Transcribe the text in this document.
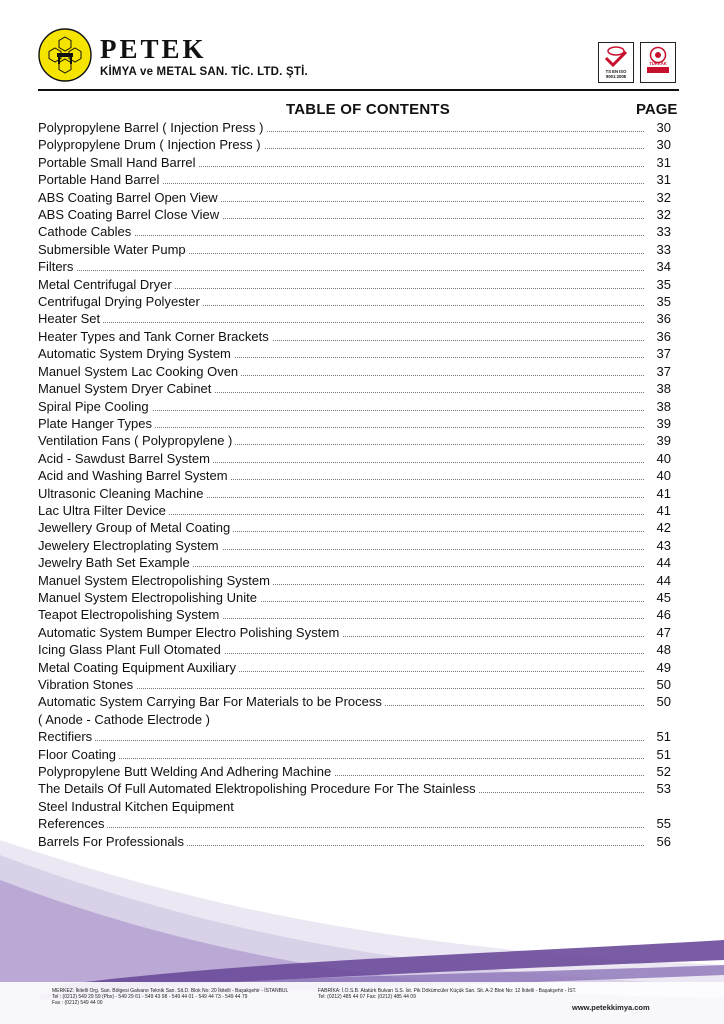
PETEK
KİMYA ve METAL SAN. TİC. LTD. ŞTİ.	TS EN ISO
9001:2008
TÜRKAK
TABLE OF CONTENTS	PAGE
Polypropylene Barrel ( Injection Press )	30
Polypropylene Drum ( Injection Press )	30
Portable Small Hand Barrel	31
Portable Hand Barrel	31
ABS Coating Barrel Open View	32
ABS Coating Barrel Close View	32
Cathode Cables	33
Submersible Water Pump	33
Filters	34
Metal Centrifugal Dryer	35
Centrifugal Drying Polyester	35
Heater Set	36
Heater Types and Tank Corner Brackets	36
Automatic System Drying System	37
Manuel System Lac Cooking Oven	37
Manuel System Dryer Cabinet	38
Spiral Pipe Cooling	38
Plate Hanger Types	39
Ventilation Fans ( Polypropylene )	39
Acid - Sawdust Barrel System	40
Acid and Washing Barrel System	40
Ultrasonic Cleaning Machine	41
Lac Ultra Filter Device	41
Jewellery Group of Metal Coating	42
Jewelery Electroplating System	43
Jewelry Bath Set Example	44
Manuel System Electropolishing System	44
Manuel System Electropolishing Unite	45
Teapot Electropolishing System	46
Automatic System Bumper Electro Polishing System	47
Icing Glass Plant Full Otomated	48
Metal Coating Equipment Auxiliary	49
Vibration Stones	50
Automatic System Carrying Bar For Materials to be Process	50
( Anode - Cathode Electrode )
Rectifiers	51
Floor Coating	51
Polypropylene Butt Welding And Adhering Machine	52
The Details Of Full Automated Elektropolishing Procedure For The Stainless	53
Steel Industral Kitchen Equipment
References	55
Barrels For Professionals	56
MERKEZ: İkitelli Org. San. Bölgesi Galvano Teknik San. Sit.D. Blok No: 20 İkitelli - Başakşehir - İSTANBUL
Tel : (0212) 549 29 59 (Pbx) - 549 29 61 - 549 43 98 - 549 44 01 - 549 44 73 - 549 44 79
Fax : (0212) 549 44 00
FABRİKA: İ.O.S.B. Atatürk Bulvarı S.S. İst. Pik Dökümcüler Küçük San. Sit. A-2 Blok No: 12 İkitelli - Başakşehir - İST.
Tel: (0212) 485 44 07 Fax: (0212) 485 44 09
www.petekkimya.com
